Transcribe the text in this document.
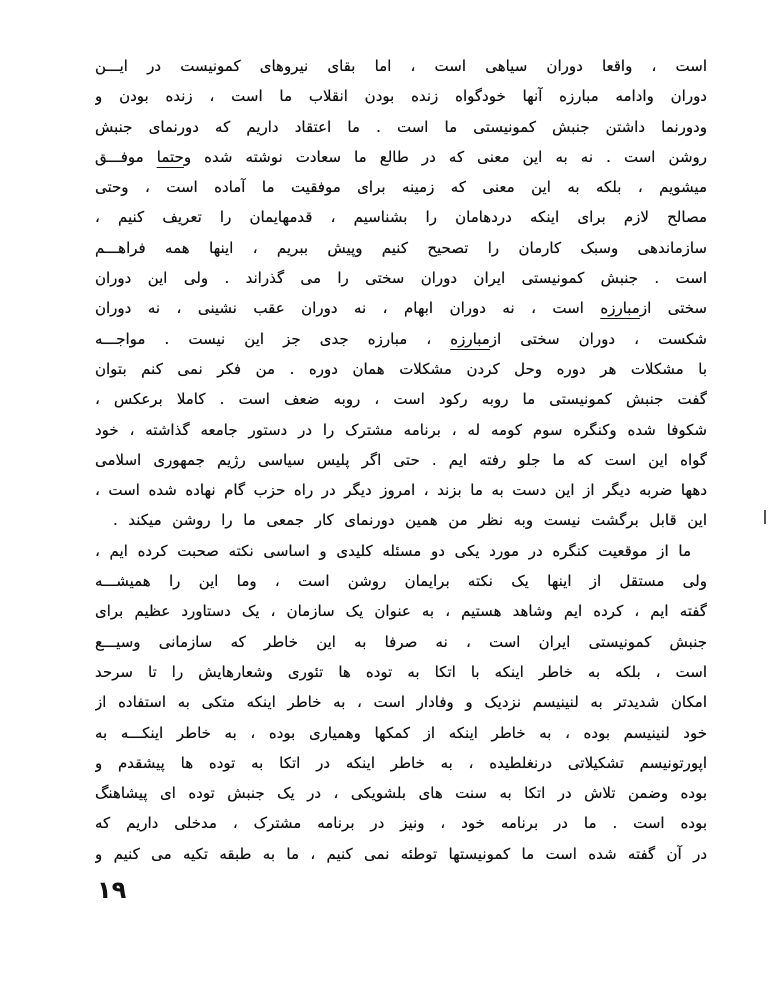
است ، واقعا دوران سیاهی است ، اما بقای نیروهای کمونیست در ایـــن
دوران وادامه مبارزه آنها خودگواه زنده بودن انقلاب ما است ، زنده بودن و
ودورنما داشتن جنبش کمونیستی ما است . ما اعتقاد داریم که دورنمای جنبش
روشن است . نه به این معنی که در طالع ما سعادت نوشته شده وحتما موفـــق
میشویم ، بلکه به این معنی که زمینه برای موفقیت ما آماده است ، وحتی
مصالح لازم برای اینکه دردهامان را بشناسیم ، قدمهایمان را تعریف کنیم ،
سازماندهی وسبک کارمان را تصحیح کنیم وپیش ببریم ، اینها همه فراهـــم
است . جنبش کمونیستی ایران دوران سختی را می گذراند . ولی این دوران
سختی ازمبارزه است ، نه دوران ابهام ، نه دوران عقب نشینی ، نه دوران
شکست ، دوران سختی ازمبارزه ، مبارزه جدی جز این نیست . مواجـــه
با مشکلات هر دوره وحل کردن مشکلات همان دوره . من فکر نمی کنم بتوان
گفت جنبش کمونیستی ما روبه رکود است ، روبه ضعف است . کاملا برعکس ،
شکوفا شده وکنگره سوم کومه له ، برنامه مشترک را در دستور جامعه گذاشته ، خود
گواه این است که ما جلو رفته ایم . حتی اگر پلیس سیاسی رژیم جمهوری اسلامی
دهها ضربه دیگر از این دست به ما بزند ، امروز دیگر در راه حزب گام نهاده شده است ،
این قابل برگشت نیست وبه نظر من همین دورنمای کار جمعی ما را روشن میکند .
ما از موقعیت کنگره در مورد یکی دو مسئله کلیدی و اساسی نکته صحبت کرده ایم ،
ولی مستقل از اینها یک نکته برایمان روشن است ، وما این را همیشـــه
گفته ایم ، کرده ایم وشاهد هستیم ، به عنوان یک سازمان ، یک دستاورد عظیم برای
جنبش کمونیستی ایران است ، نه صرفا به این خاطر که سازمانی وسیـــع
است ، بلکه به خاطر اینکه با اتکا به توده ها تئوری وشعارهایش را تا سرحد
امکان شدیدتر به لنینیسم نزدیک و وفادار است ، به خاطر اینکه متکی به استفاده از
خود لنینیسم بوده ، به خاطر اینکه از کمکها وهمیاری بوده ، به خاطر اینکـــه به
اپورتونیسم تشکیلاتی درنغلطیده ، به خاطر اینکه در اتکا به توده ها پیشقدم و
بوده وضمن تلاش در اتکا به سنت های بلشویکی ، در یک جنبش توده ای پیشاهنگ
بوده است . ما در برنامه خود ، ونیز در برنامه مشترک ، مدخلی داریم که
در آن گفته شده است ما کمونیستها توطئه نمی کنیم ، ما به طبقه تکیه می کنیم و
۱۹
